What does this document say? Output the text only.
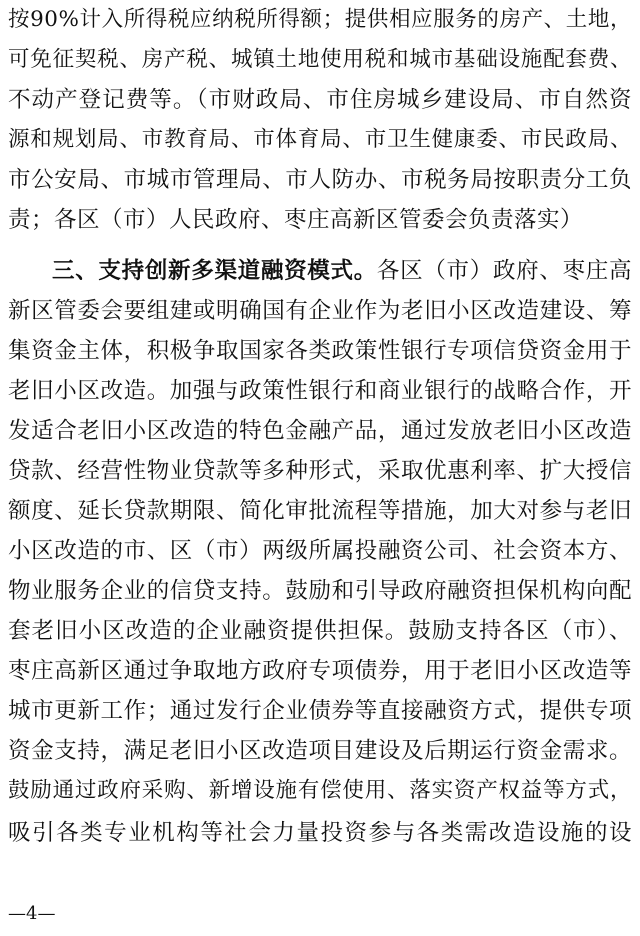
按90%计入所得税应纳税所得额；提供相应服务的房产、土地，
可免征契税、房产税、城镇土地使用税和城市基础设施配套费、
不动产登记费等。（市财政局、市住房城乡建设局、市自然资
源和规划局、市教育局、市体育局、市卫生健康委、市民政局、
市公安局、市城市管理局、市人防办、市税务局按职责分工负
责；各区（市）人民政府、枣庄高新区管委会负责落实）
三、支持创新多渠道融资模式。各区（市）政府、枣庄高
新区管委会要组建或明确国有企业作为老旧小区改造建设、筹
集资金主体，积极争取国家各类政策性银行专项信贷资金用于
老旧小区改造。加强与政策性银行和商业银行的战略合作，开
发适合老旧小区改造的特色金融产品，通过发放老旧小区改造
贷款、经营性物业贷款等多种形式，采取优惠利率、扩大授信
额度、延长贷款期限、简化审批流程等措施，加大对参与老旧
小区改造的市、区（市）两级所属投融资公司、社会资本方、
物业服务企业的信贷支持。鼓励和引导政府融资担保机构向配
套老旧小区改造的企业融资提供担保。鼓励支持各区（市）、
枣庄高新区通过争取地方政府专项债券，用于老旧小区改造等
城市更新工作；通过发行企业债券等直接融资方式，提供专项
资金支持，满足老旧小区改造项目建设及后期运行资金需求。
鼓励通过政府采购、新增设施有偿使用、落实资产权益等方式，
吸引各类专业机构等社会力量投资参与各类需改造设施的设
—4—
